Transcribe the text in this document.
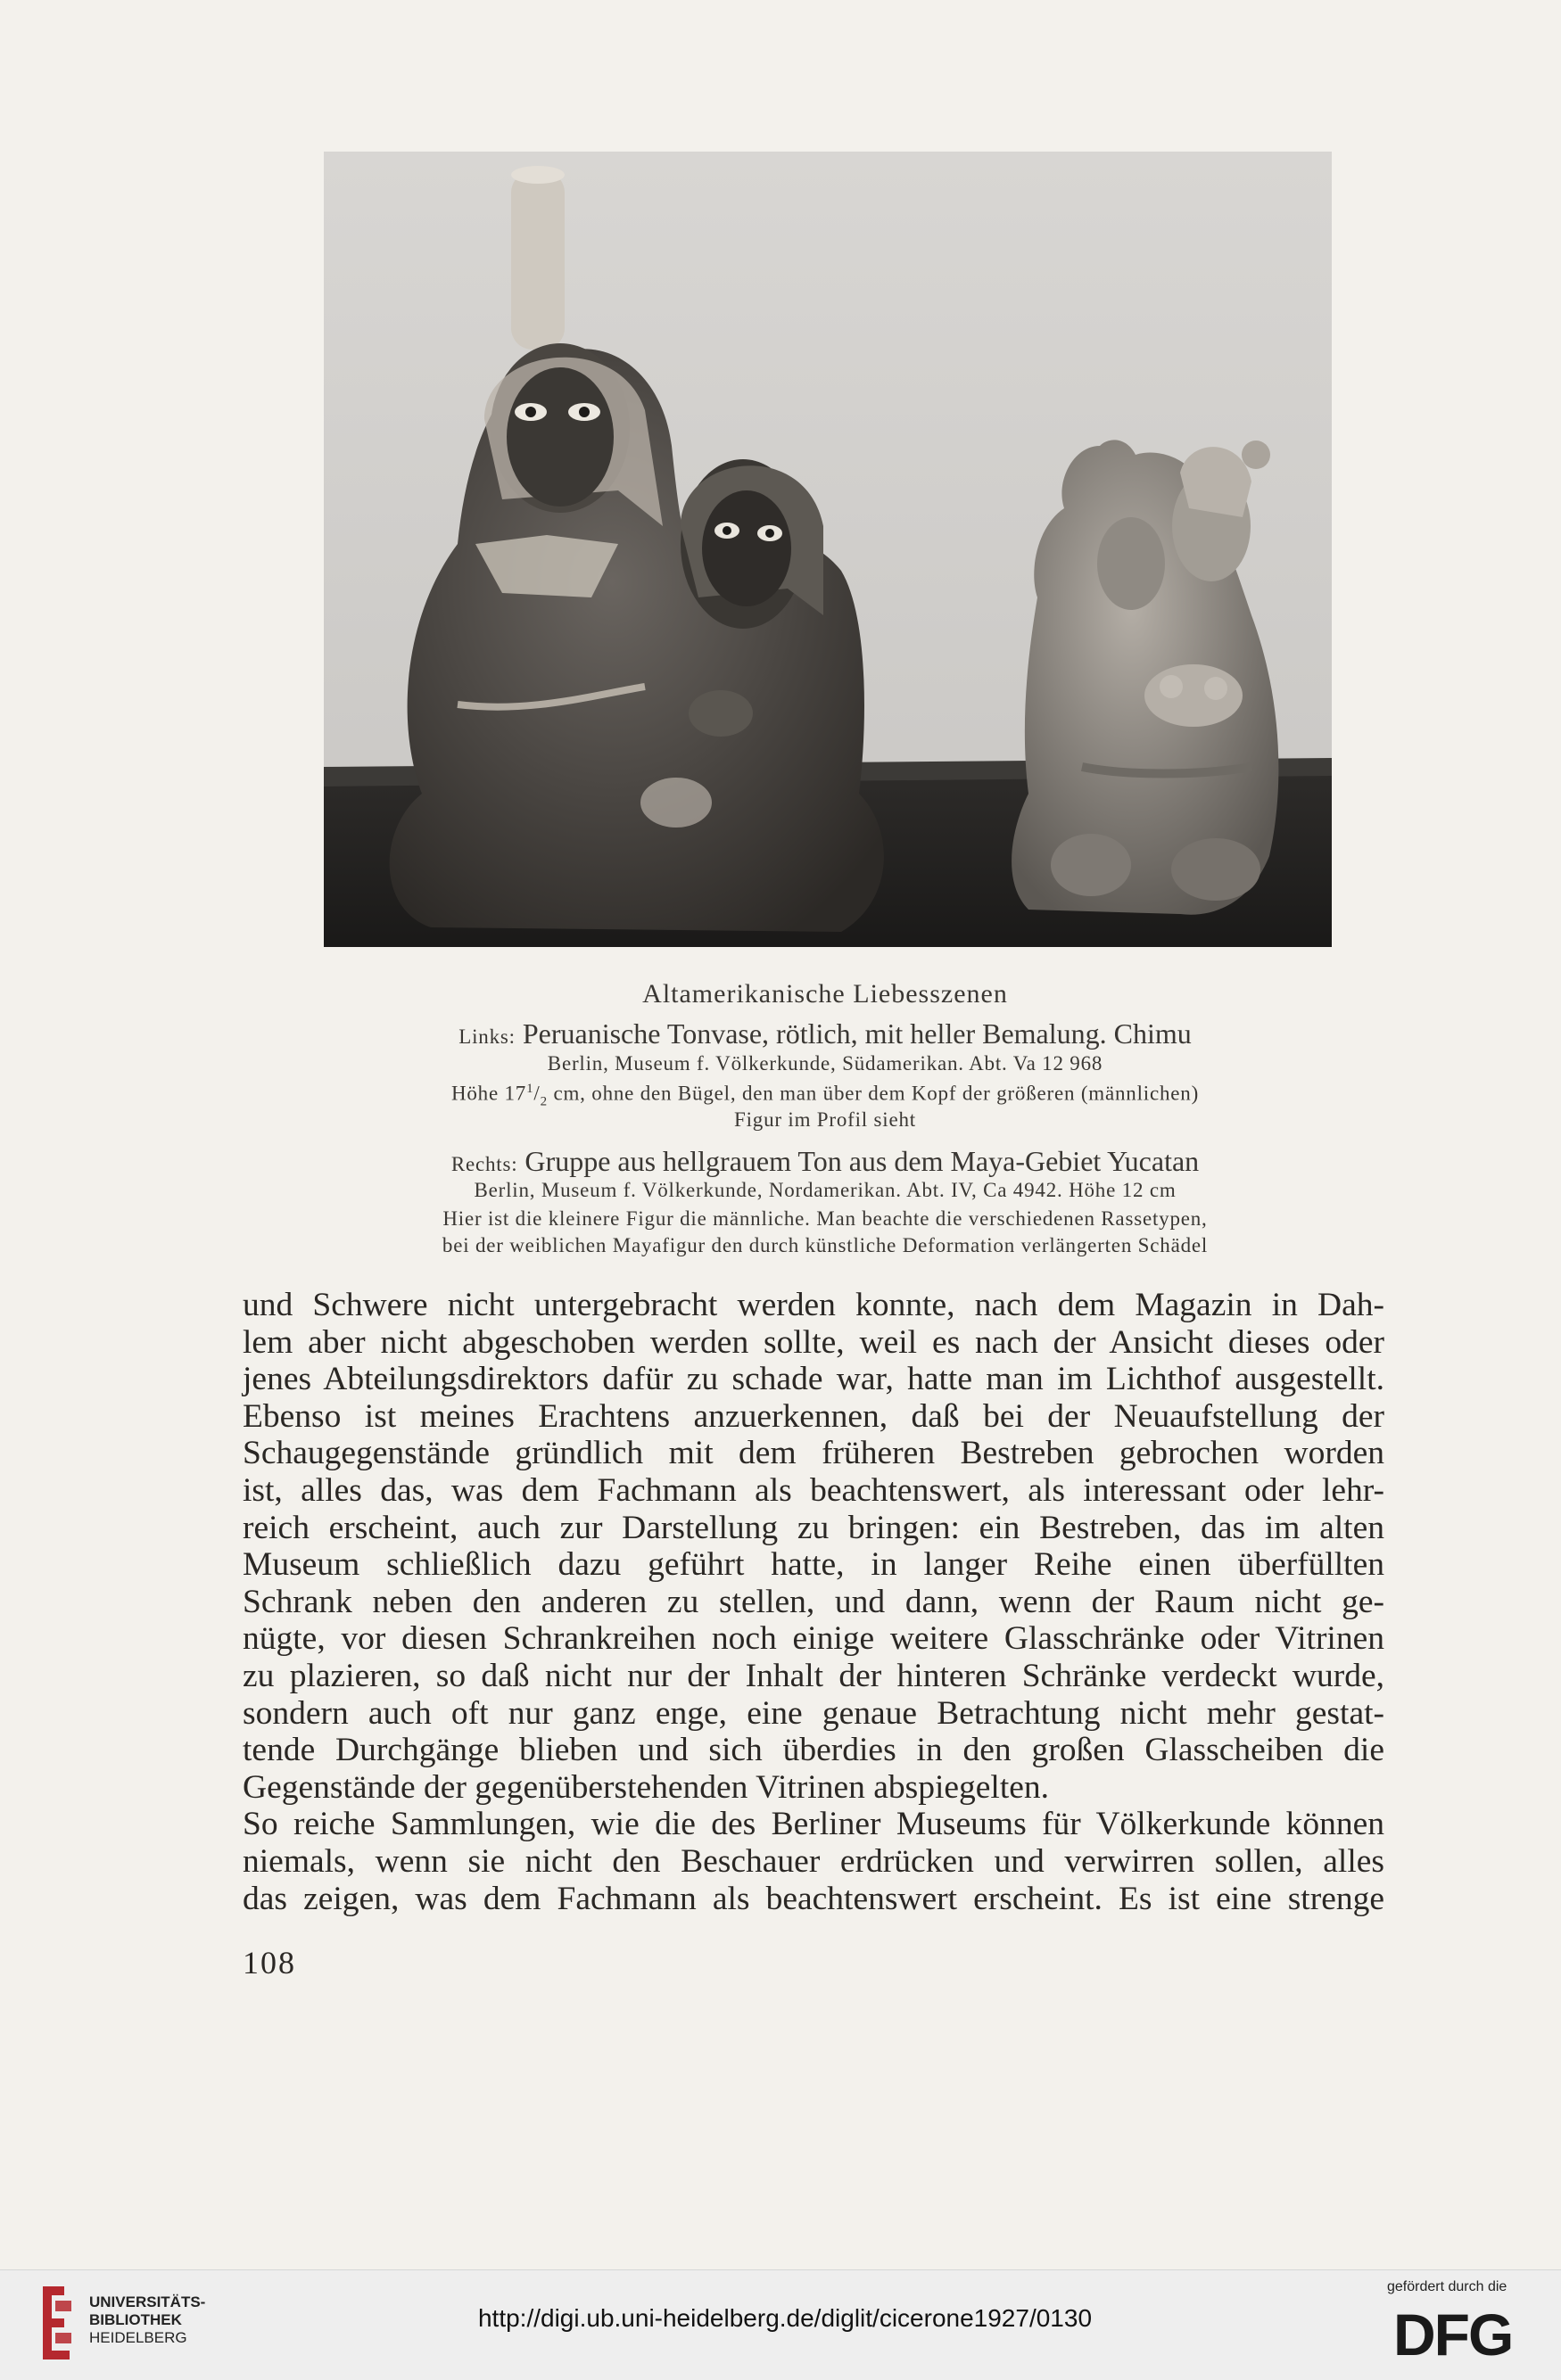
Altamerikanische Liebesszenen
Links: Peruanische Tonvase, rötlich, mit heller Bemalung. Chimu
Berlin, Museum f. Völkerkunde, Südamerikan. Abt. Va 12 968
Höhe $17^1/_2$ cm, ohne den Bügel, den man über dem Kopf der größeren (männlichen)
Figur im Profil sieht
Rechts: Gruppe aus hellgrauem Ton aus dem Maya-Gebiet Yucatan
Berlin, Museum f. Völkerkunde, Nordamerikan. Abt. IV, Ca 4942. Höhe 12 cm
Hier ist die kleinere Figur die männliche. Man beachte die verschiedenen Rassetypen,
bei der weiblichen Mayafigur den durch künstliche Deformation verlängerten Schädel
und Schwere nicht untergebracht werden konnte, nach dem Magazin in Dah-
lem aber nicht abgeschoben werden sollte, weil es nach der Ansicht dieses oder
jenes Abteilungsdirektors dafür zu schade war, hatte man im Lichthof ausgestellt.
Ebenso ist meines Erachtens anzuerkennen, daß bei der Neuaufstellung der
Schaugegenstände gründlich mit dem früheren Bestreben gebrochen worden
ist, alles das, was dem Fachmann als beachtenswert, als interessant oder lehr-
reich erscheint, auch zur Darstellung zu bringen: ein Bestreben, das im alten
Museum schließlich dazu geführt hatte, in langer Reihe einen überfüllten
Schrank neben den anderen zu stellen, und dann, wenn der Raum nicht ge-
nügte, vor diesen Schrankreihen noch einige weitere Glasschränke oder Vitrinen
zu plazieren, so daß nicht nur der Inhalt der hinteren Schränke verdeckt wurde,
sondern auch oft nur ganz enge, eine genaue Betrachtung nicht mehr gestat-
tende Durchgänge blieben und sich überdies in den großen Glasscheiben die
Gegenstände der gegenüberstehenden Vitrinen abspiegelten.
So reiche Sammlungen, wie die des Berliner Museums für Völkerkunde können
niemals, wenn sie nicht den Beschauer erdrücken und verwirren sollen, alles
das zeigen, was dem Fachmann als beachtenswert erscheint. Es ist eine strenge
108
UNIVERSITÄTS-
BIBLIOTHEK
HEIDELBERG
http://digi.ub.uni-heidelberg.de/diglit/cicerone1927/0130
gefördert durch die
DFG
